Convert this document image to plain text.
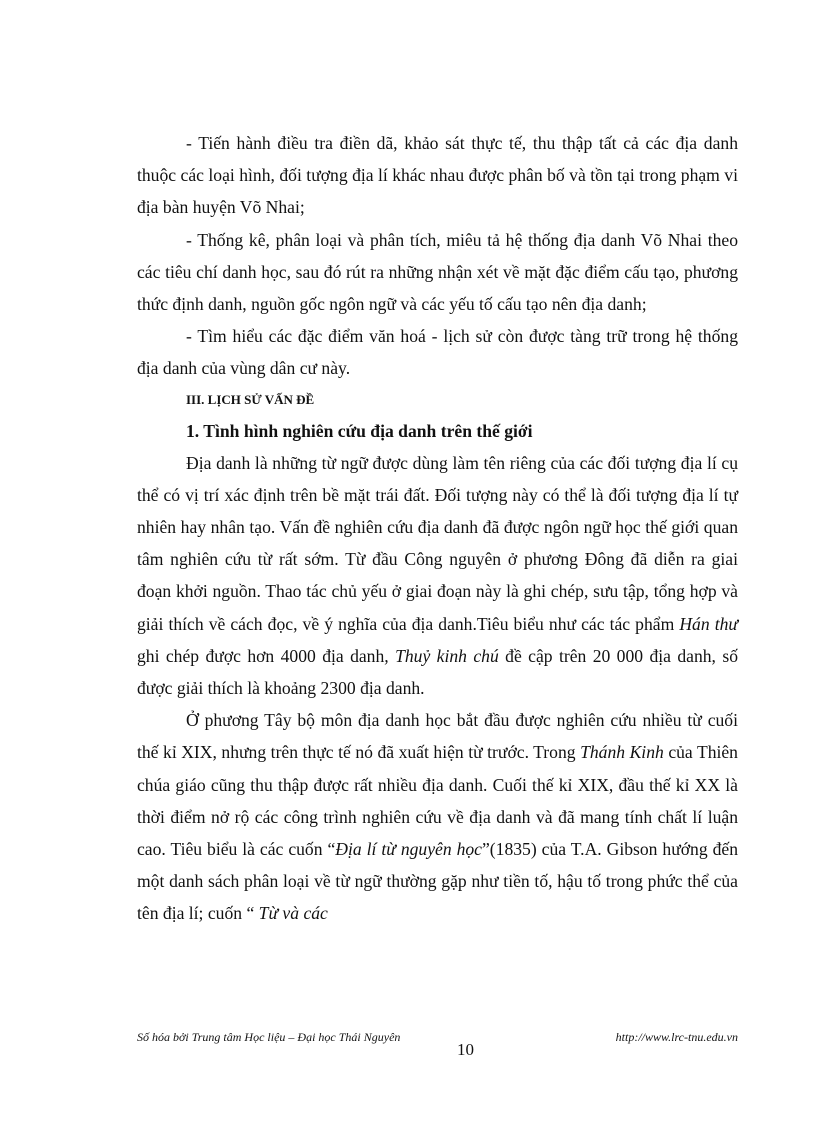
- Tiến hành điều tra điền dã, khảo sát thực tế, thu thập tất cả các địa danh thuộc các loại hình, đối tượng địa lí khác nhau được phân bố và tồn tại trong phạm vi địa bàn huyện Võ Nhai;

- Thống kê, phân loại và phân tích, miêu tả hệ thống địa danh Võ Nhai theo các tiêu chí danh học, sau đó rút ra những nhận xét về mặt đặc điểm cấu tạo, phương thức định danh, nguồn gốc ngôn ngữ và các yếu tố cấu tạo nên địa danh;

- Tìm hiểu các đặc điểm văn hoá - lịch sử còn được tàng trữ trong hệ thống địa danh của vùng dân cư này.

III. LỊCH SỬ VẤN ĐỀ

1. Tình hình nghiên cứu địa danh trên thế giới

Địa danh là những từ ngữ được dùng làm tên riêng của các đối tượng địa lí cụ thể có vị trí xác định trên bề mặt trái đất. Đối tượng này có thể là đối tượng địa lí tự nhiên hay nhân tạo. Vấn đề nghiên cứu địa danh đã được ngôn ngữ học thế giới quan tâm nghiên cứu từ rất sớm. Từ đầu Công nguyên ở phương Đông đã diễn ra giai đoạn khởi nguồn. Thao tác chủ yếu ở giai đoạn này là ghi chép, sưu tập, tổng hợp và giải thích về cách đọc, về ý nghĩa của địa danh.Tiêu biểu như các tác phẩm Hán thư ghi chép được hơn 4000 địa danh, Thuỷ kinh chú đề cập trên 20 000 địa danh, số được giải thích là khoảng 2300 địa danh.

Ở phương Tây bộ môn địa danh học bắt đầu được nghiên cứu nhiều từ cuối thế kỉ XIX, nhưng trên thực tế nó đã xuất hiện từ trước. Trong Thánh Kinh của Thiên chúa giáo cũng thu thập được rất nhiều địa danh. Cuối thế kỉ XIX, đầu thế kỉ XX là thời điểm nở rộ các công trình nghiên cứu về địa danh và đã mang tính chất lí luận cao. Tiêu biểu là các cuốn “Địa lí từ nguyên học”(1835) của T.A. Gibson hướng đến một danh sách phân loại về từ ngữ thường gặp như tiền tố, hậu tố trong phức thể của tên địa lí; cuốn “ Từ và các

Số hóa bởi Trung tâm Học liệu – Đại học Thái Nguyên
10
http://www.lrc-tnu.edu.vn
